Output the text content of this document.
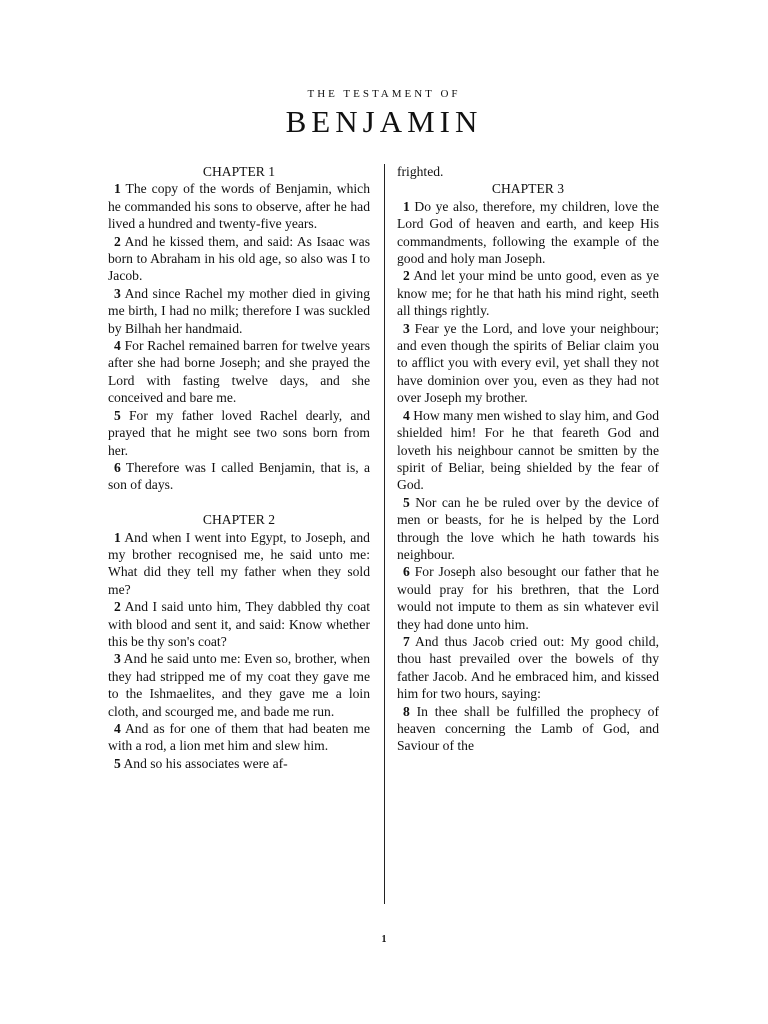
THE TESTAMENT OF
BENJAMIN

CHAPTER 1

1 The copy of the words of Benjamin, which he commanded his sons to observe, after he had lived a hundred and twenty-five years.

2 And he kissed them, and said: As Isaac was born to Abraham in his old age, so also was I to Jacob.

3 And since Rachel my mother died in giving me birth, I had no milk; therefore I was suckled by Bilhah her handmaid.

4 For Rachel remained barren for twelve years after she had borne Joseph; and she prayed the Lord with fasting twelve days, and she conceived and bare me.

5 For my father loved Rachel dearly, and prayed that he might see two sons born from her.

6 Therefore was I called Benjamin, that is, a son of days.

CHAPTER 2

1 And when I went into Egypt, to Joseph, and my brother recognised me, he said unto me: What did they tell my father when they sold me?

2 And I said unto him, They dabbled thy coat with blood and sent it, and said: Know whether this be thy son's coat?

3 And he said unto me: Even so, brother, when they had stripped me of my coat they gave me to the Ishmaelites, and they gave me a loin cloth, and scourged me, and bade me run.

4 And as for one of them that had beaten me with a rod, a lion met him and slew him.

5 And so his associates were af-

frighted.

CHAPTER 3

1 Do ye also, therefore, my children, love the Lord God of heaven and earth, and keep His commandments, following the example of the good and holy man Joseph.

2 And let your mind be unto good, even as ye know me; for he that hath his mind right, seeth all things rightly.

3 Fear ye the Lord, and love your neighbour; and even though the spirits of Beliar claim you to afflict you with every evil, yet shall they not have dominion over you, even as they had not over Joseph my brother.

4 How many men wished to slay him, and God shielded him! For he that feareth God and loveth his neighbour cannot be smitten by the spirit of Beliar, being shielded by the fear of God.

5 Nor can he be ruled over by the device of men or beasts, for he is helped by the Lord through the love which he hath towards his neighbour.

6 For Joseph also besought our father that he would pray for his brethren, that the Lord would not impute to them as sin whatever evil they had done unto him.

7 And thus Jacob cried out: My good child, thou hast prevailed over the bowels of thy father Jacob. And he embraced him, and kissed him for two hours, saying:

8 In thee shall be fulfilled the prophecy of heaven concerning the Lamb of God, and Saviour of the

1
